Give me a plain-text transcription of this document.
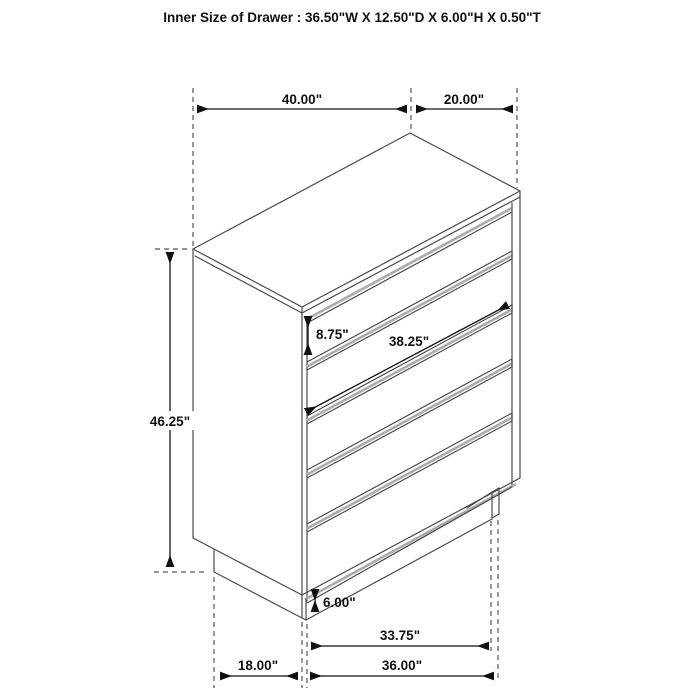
Inner Size of Drawer : 36.50"W X 12.50"D X 6.00"H X 0.50"T
40.00"	20.00"
46.25"
8.75"	38.25"
6.00"
33.75"
18.00"	36.00"
